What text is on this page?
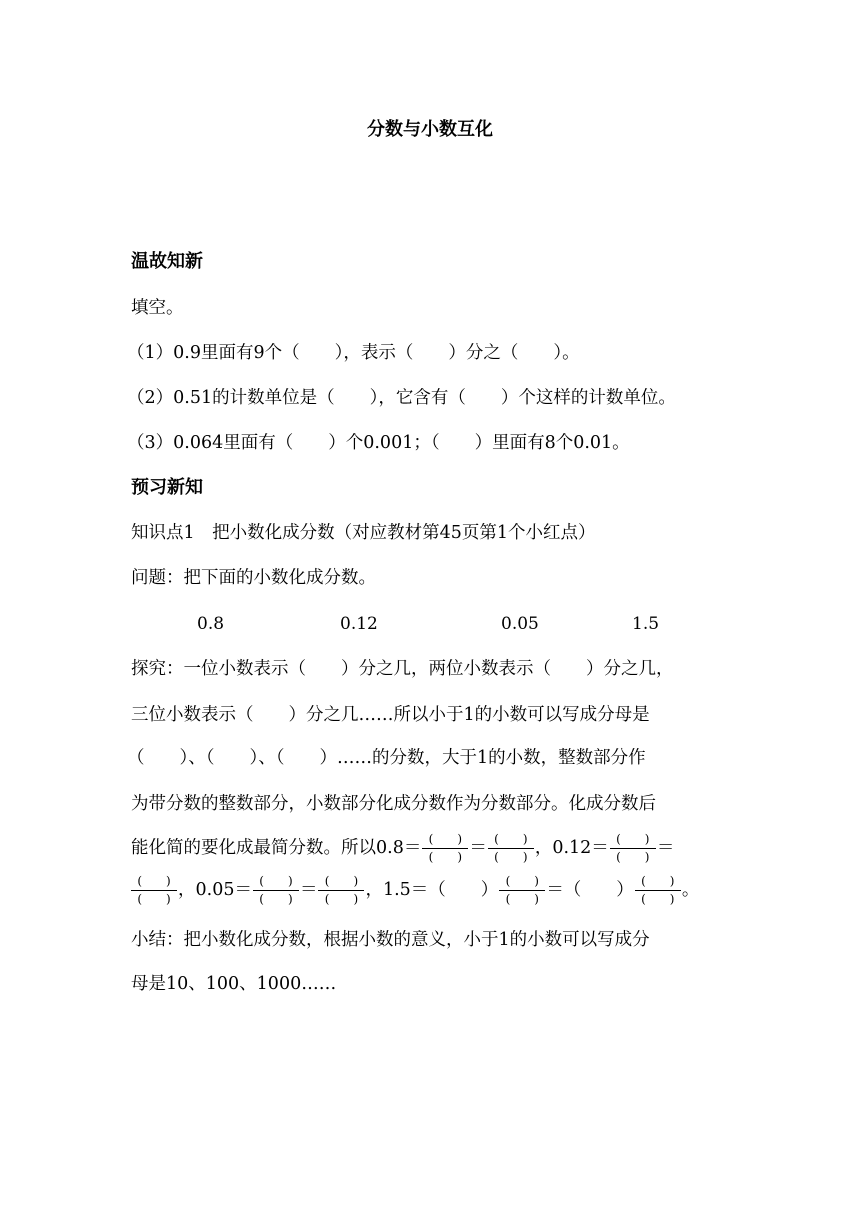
分数与小数互化
温故知新
填空。
（1）0.9里面有9个（　　），表示（　　）分之（　　）。
（2）0.51的计数单位是（　　），它含有（　　）个这样的计数单位。
（3）0.064里面有（　　）个0.001；（　　）里面有8个0.01。
预习新知
知识点1　把小数化成分数（对应教材第45页第1个小红点）
问题：把下面的小数化成分数。
0.8	0.12	0.05	1.5
探究：一位小数表示（　　）分之几，两位小数表示（　　）分之几，
三位小数表示（　　）分之几……所以小于1的小数可以写成分母是
（　　）、（　　）、（　　）……的分数，大于1的小数，整数部分作
为带分数的整数部分，小数部分化成分数作为分数部分。化成分数后
能化简的要化成最简分数。所以$0.8= \frac{( )}{( )} = \frac{( )}{( )}$ ，$0.12= \frac{( )}{( )}$ ＝
$\frac{( )}{( )}$ ，$0.05= \frac{( )}{( )} = \frac{( )}{( )}$ ，1.5＝（　　） $\frac{( )}{( )}$ ＝（　　） $\frac{( )}{( )}$ 。
小结：把小数化成分数，根据小数的意义，小于1的小数可以写成分
母是10、100、1000……
